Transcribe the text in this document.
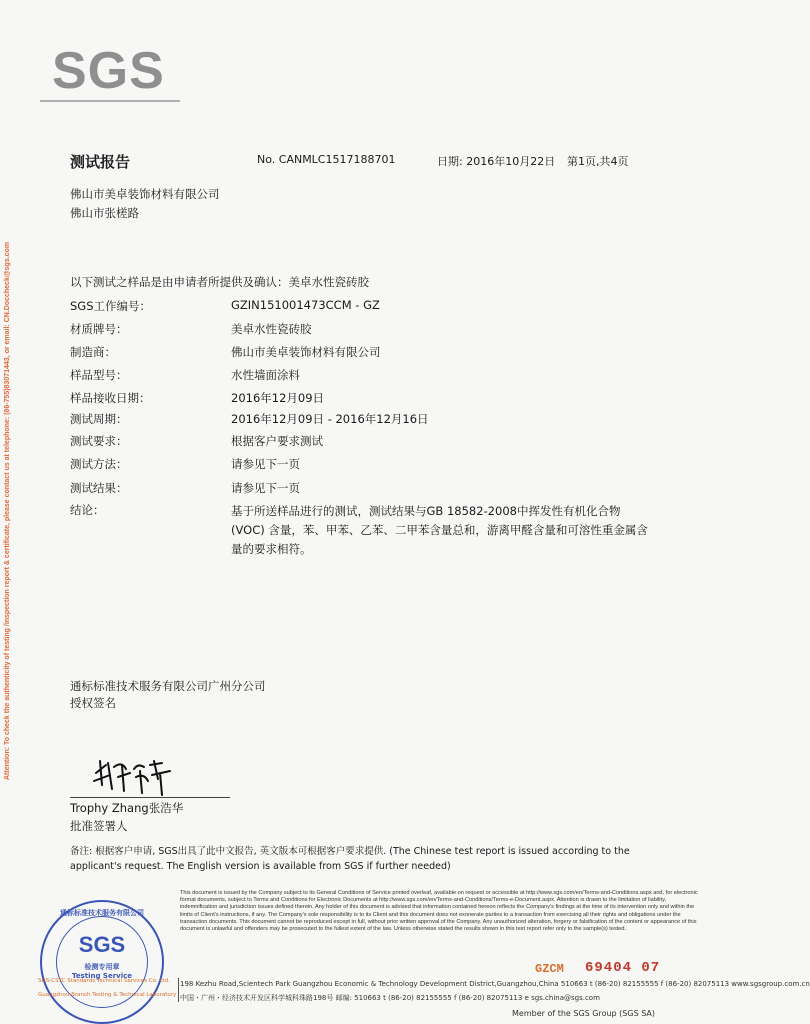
SGS
Attention: To check the authenticity of testing /inspection report & certificate, please contact us at telephone: (86-755)83071443, or email: CN.Doccheck@sgs.com
测试报告	No. CANMLC1517188701	日期: 2016年10月22日 第1页,共4页
佛山市美卓装饰材料有限公司
佛山市张槎路
以下测试之样品是由申请者所提供及确认：美卓水性瓷砖胶
SGS工作编号：	GZIN151001473CCM - GZ
材质牌号：	美卓水性瓷砖胶
制造商：	佛山市美卓装饰材料有限公司
样品型号：	水性墙面涂料
样品接收日期：	2016年12月09日
测试周期：	2016年12月09日 - 2016年12月16日
测试要求：	根据客户要求测试
测试方法：	请参见下一页
测试结果：	请参见下一页
结论：	基于所送样品进行的测试，测试结果与GB 18582-2008中挥发性有机化合物(VOC) 含量，苯、甲苯、乙苯、二甲苯含量总和，游离甲醛含量和可溶性重金属含量的要求相符。
通标标准技术服务有限公司广州分公司
授权签名
Trophy Zhang张浩华
批准签署人
备注: 根据客户申请, SGS出具了此中文报告, 英文版本可根据客户要求提供. (The Chinese test report is issued according to the applicant's request. The English version is available from SGS if further needed)
This document is issued by the Company subject to its General Conditions of Service printed overleaf, available on request or accessible at http://www.sgs.com/en/Terms-and-Conditions.aspx and, for electronic format documents, subject to Terms and Conditions for Electronic Documents at http://www.sgs.com/en/Terms-and-Conditions/Terms-e-Document.aspx. Attention is drawn to the limitation of liability, indemnification and jurisdiction issues defined therein. Any holder of this document is advised that information contained hereon reflects the Company's findings at the time of its intervention only and within the limits of Client's instructions, if any. The Company's sole responsibility is to its Client and this document does not exonerate parties to a transaction from exercising all their rights and obligations under the transaction documents. This document cannot be reproduced except in full, without prior written approval of the Company. Any unauthorized alteration, forgery or falsification of the content or appearance of this document is unlawful and offenders may be prosecuted to the fullest extent of the law. Unless otherwise stated the results shown in this test report refer only to the sample(s) tested.
通标标准技术服务有限公司
SGS
检测专用章
Testing Service
SGS-CSTC Standards Technical Services Co. Ltd.
Guangzhou Branch Testing & Technical Laboratory
GZCM 69404 07
198 Kezhu Road,Scientech Park Guangzhou Economic & Technology Development District,Guangzhou,China 510663 t (86-20) 82155555 f (86-20) 82075113 www.sgsgroup.com.cn
中国・广州・经济技术开发区科学城科珠路198号 邮编: 510663 t (86-20) 82155555 f (86-20) 82075113 e sgs.china@sgs.com
Member of the SGS Group (SGS SA)
